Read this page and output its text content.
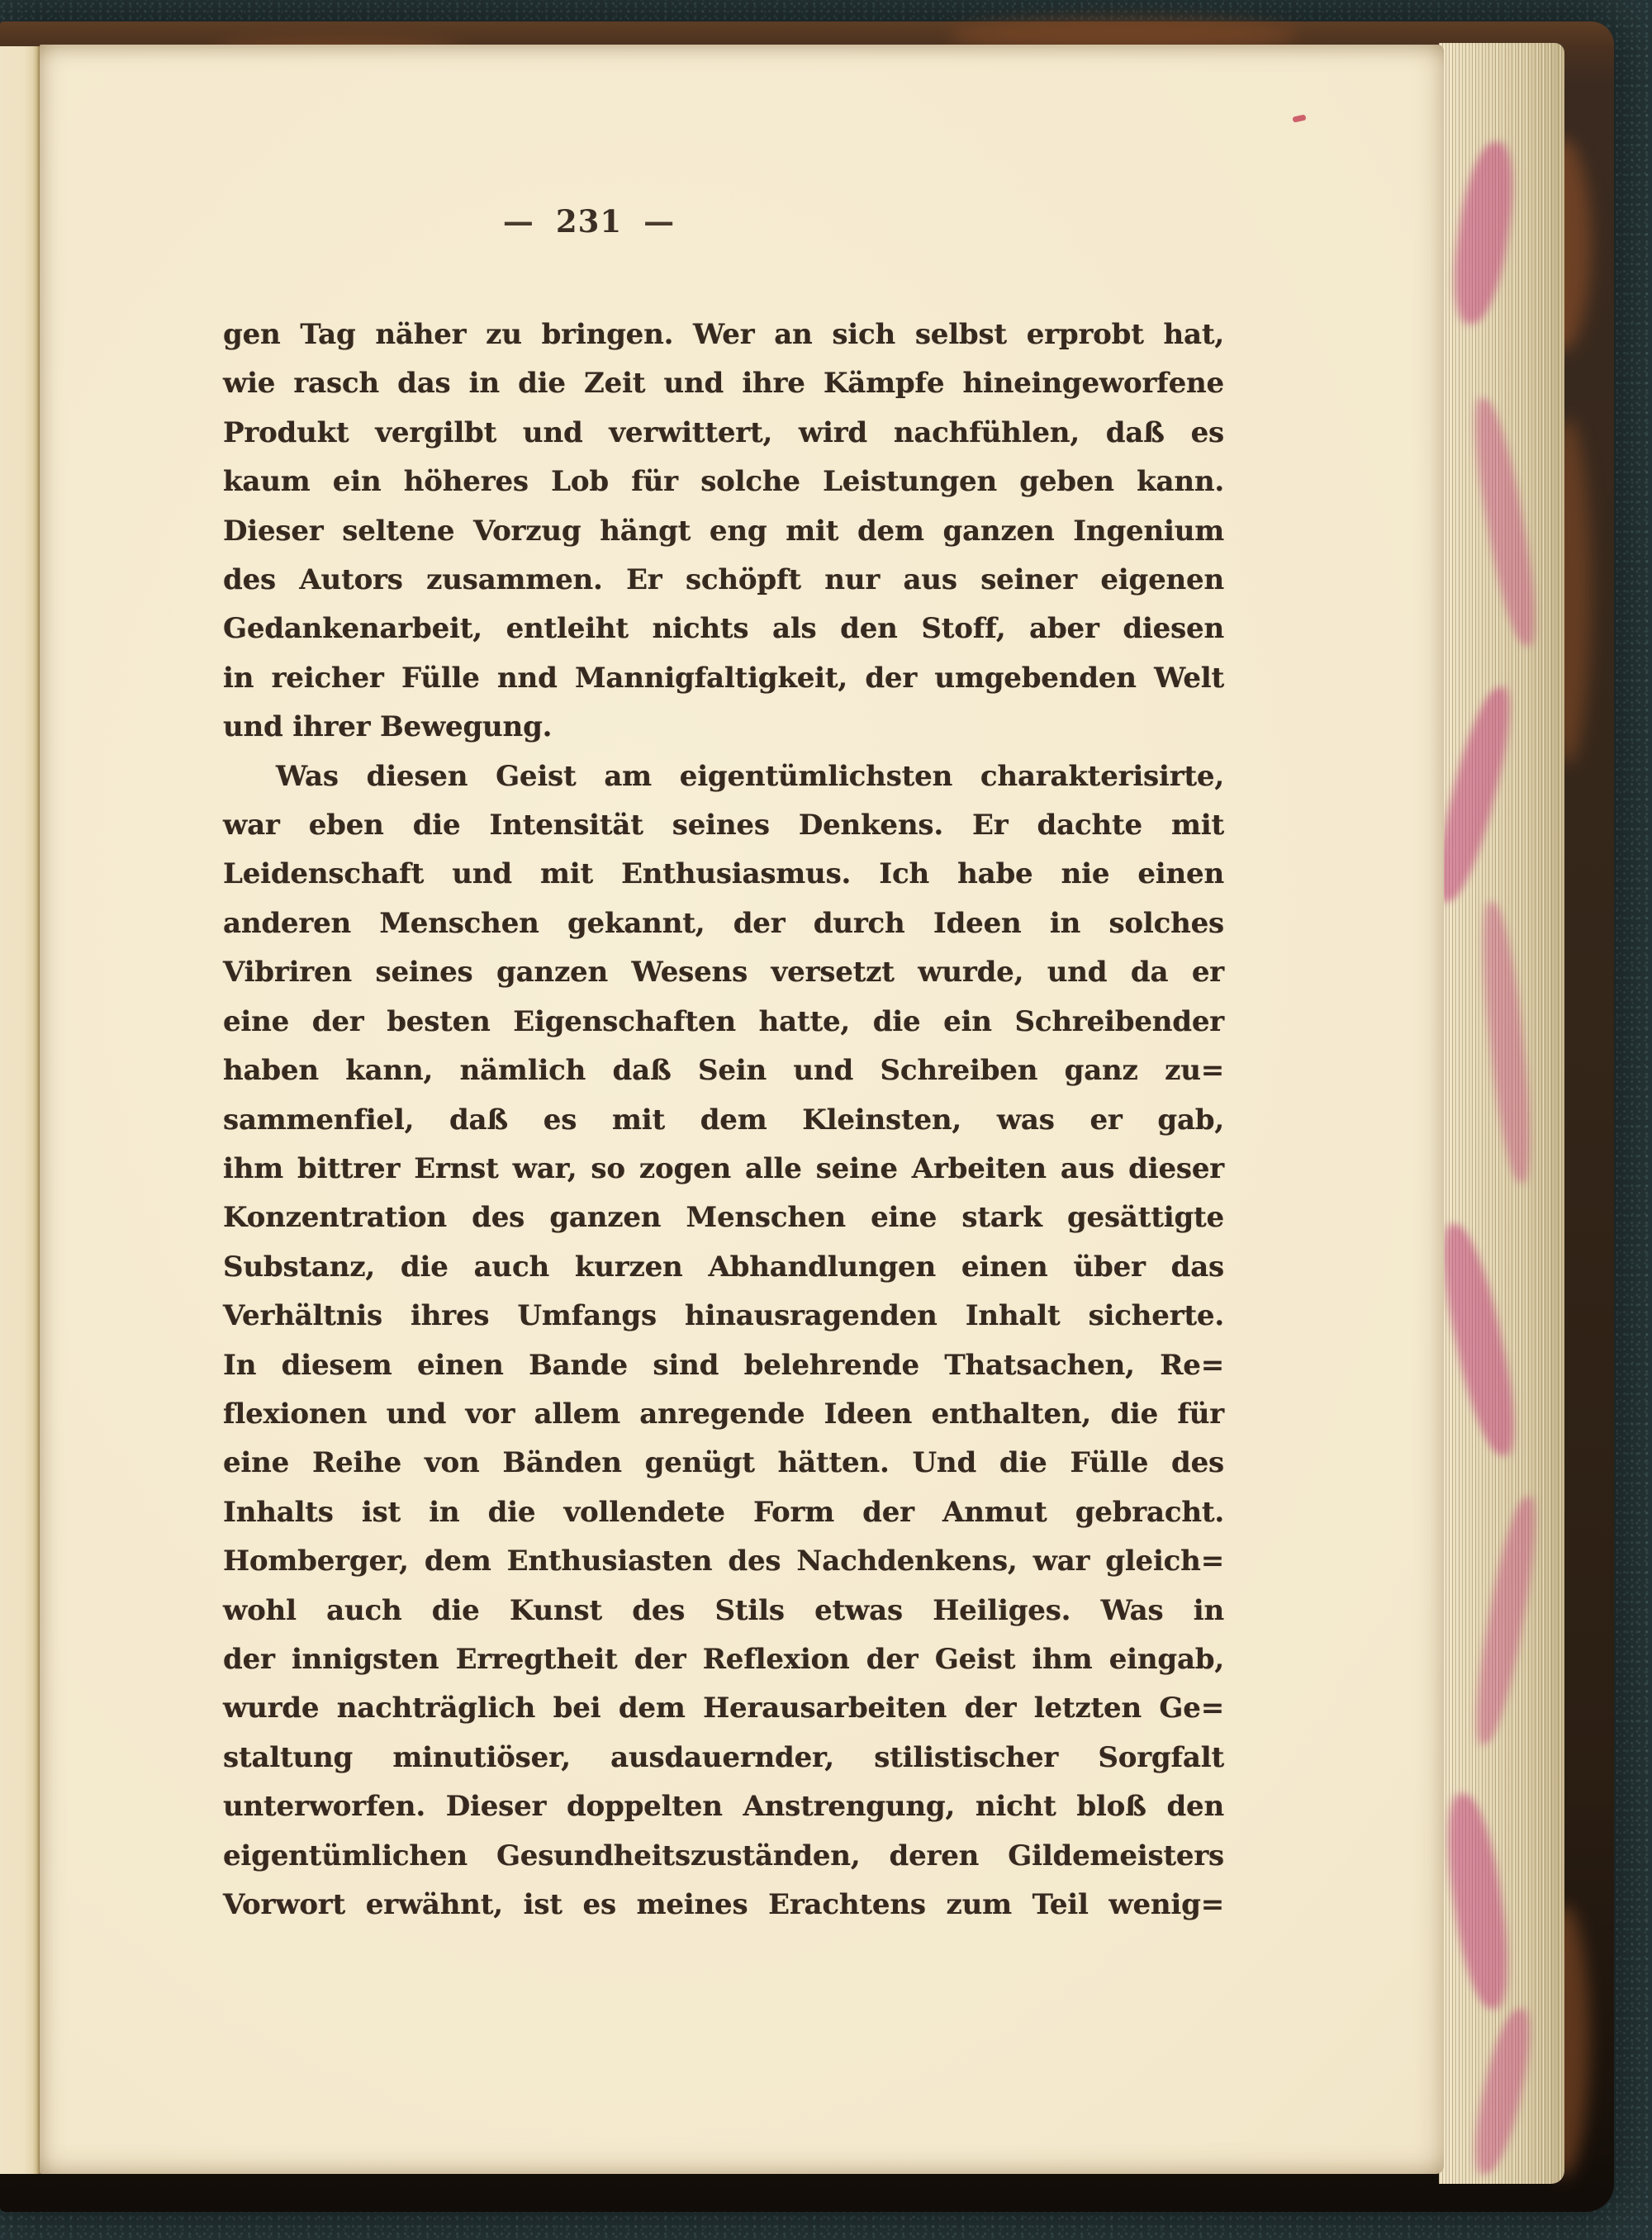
— 231 —
gen Tag näher zu bringen. Wer an sich selbst erprobt hat,
wie rasch das in die Zeit und ihre Kämpfe hineingeworfene
Produkt vergilbt und verwittert, wird nachfühlen, daß es
kaum ein höheres Lob für solche Leistungen geben kann.
Dieser seltene Vorzug hängt eng mit dem ganzen Ingenium
des Autors zusammen. Er schöpft nur aus seiner eigenen
Gedankenarbeit, entleiht nichts als den Stoff, aber diesen
in reicher Fülle nnd Mannigfaltigkeit, der umgebenden Welt
und ihrer Bewegung.
Was diesen Geist am eigentümlichsten charakterisirte,
war eben die Intensität seines Denkens. Er dachte mit
Leidenschaft und mit Enthusiasmus. Ich habe nie einen
anderen Menschen gekannt, der durch Ideen in solches
Vibriren seines ganzen Wesens versetzt wurde, und da er
eine der besten Eigenschaften hatte, die ein Schreibender
haben kann, nämlich daß Sein und Schreiben ganz zu=
sammenfiel, daß es mit dem Kleinsten, was er gab,
ihm bittrer Ernst war, so zogen alle seine Arbeiten aus dieser
Konzentration des ganzen Menschen eine stark gesättigte
Substanz, die auch kurzen Abhandlungen einen über das
Verhältnis ihres Umfangs hinausragenden Inhalt sicherte.
In diesem einen Bande sind belehrende Thatsachen, Re=
flexionen und vor allem anregende Ideen enthalten, die für
eine Reihe von Bänden genügt hätten. Und die Fülle des
Inhalts ist in die vollendete Form der Anmut gebracht.
Homberger, dem Enthusiasten des Nachdenkens, war gleich=
wohl auch die Kunst des Stils etwas Heiliges. Was in
der innigsten Erregtheit der Reflexion der Geist ihm eingab,
wurde nachträglich bei dem Herausarbeiten der letzten Ge=
staltung minutiöser, ausdauernder, stilistischer Sorgfalt
unterworfen. Dieser doppelten Anstrengung, nicht bloß den
eigentümlichen Gesundheitszuständen, deren Gildemeisters
Vorwort erwähnt, ist es meines Erachtens zum Teil wenig=
